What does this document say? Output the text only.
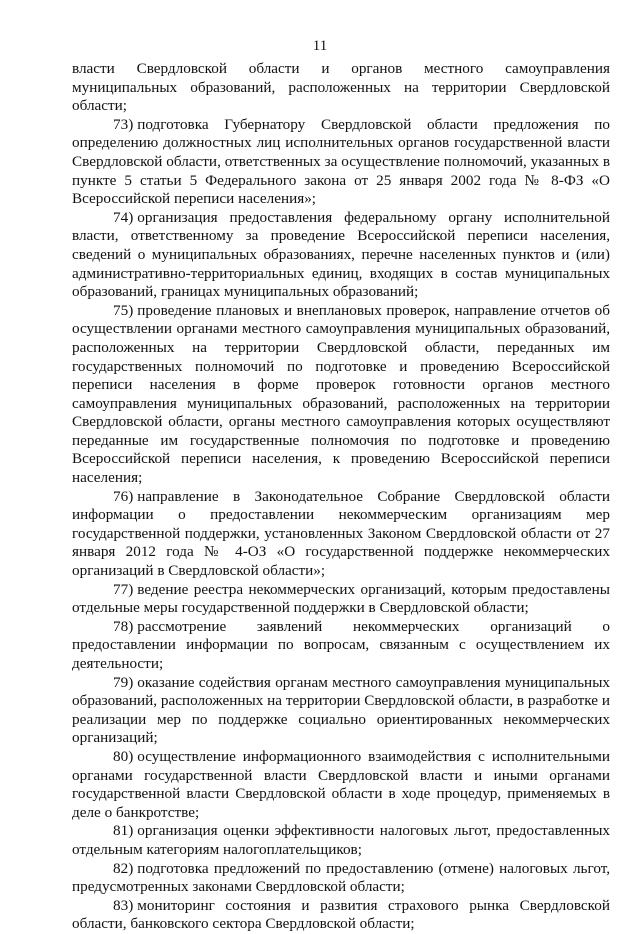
11

власти Свердловской области и органов местного самоуправления муниципальных образований, расположенных на территории Свердловской области;

73) подготовка Губернатору Свердловской области предложения по определению должностных лиц исполнительных органов государственной власти Свердловской области, ответственных за осуществление полномочий, указанных в пункте 5 статьи 5 Федерального закона от 25 января 2002 года № 8-ФЗ «О Всероссийской переписи населения»;

74) организация предоставления федеральному органу исполнительной власти, ответственному за проведение Всероссийской переписи населения, сведений о муниципальных образованиях, перечне населенных пунктов и (или) административно-территориальных единиц, входящих в состав муниципальных образований, границах муниципальных образований;

75) проведение плановых и внеплановых проверок, направление отчетов об осуществлении органами местного самоуправления муниципальных образований, расположенных на территории Свердловской области, переданных им государственных полномочий по подготовке и проведению Всероссийской переписи населения в форме проверок готовности органов местного самоуправления муниципальных образований, расположенных на территории Свердловской области, органы местного самоуправления которых осуществляют переданные им государственные полномочия по подготовке и проведению Всероссийской переписи населения, к проведению Всероссийской переписи населения;

76) направление в Законодательное Собрание Свердловской области информации о предоставлении некоммерческим организациям мер государственной поддержки, установленных Законом Свердловской области от 27 января 2012 года № 4-ОЗ «О государственной поддержке некоммерческих организаций в Свердловской области»;

77) ведение реестра некоммерческих организаций, которым предоставлены отдельные меры государственной поддержки в Свердловской области;

78) рассмотрение заявлений некоммерческих организаций о предоставлении информации по вопросам, связанным с осуществлением их деятельности;

79) оказание содействия органам местного самоуправления муниципальных образований, расположенных на территории Свердловской области, в разработке и реализации мер по поддержке социально ориентированных некоммерческих организаций;

80) осуществление информационного взаимодействия с исполнительными органами государственной власти Свердловской власти и иными органами государственной власти Свердловской области в ходе процедур, применяемых в деле о банкротстве;

81) организация оценки эффективности налоговых льгот, предоставленных отдельным категориям налогоплательщиков;

82) подготовка предложений по предоставлению (отмене) налоговых льгот, предусмотренных законами Свердловской области;

83) мониторинг состояния и развития страхового рынка Свердловской области, банковского сектора Свердловской области;
